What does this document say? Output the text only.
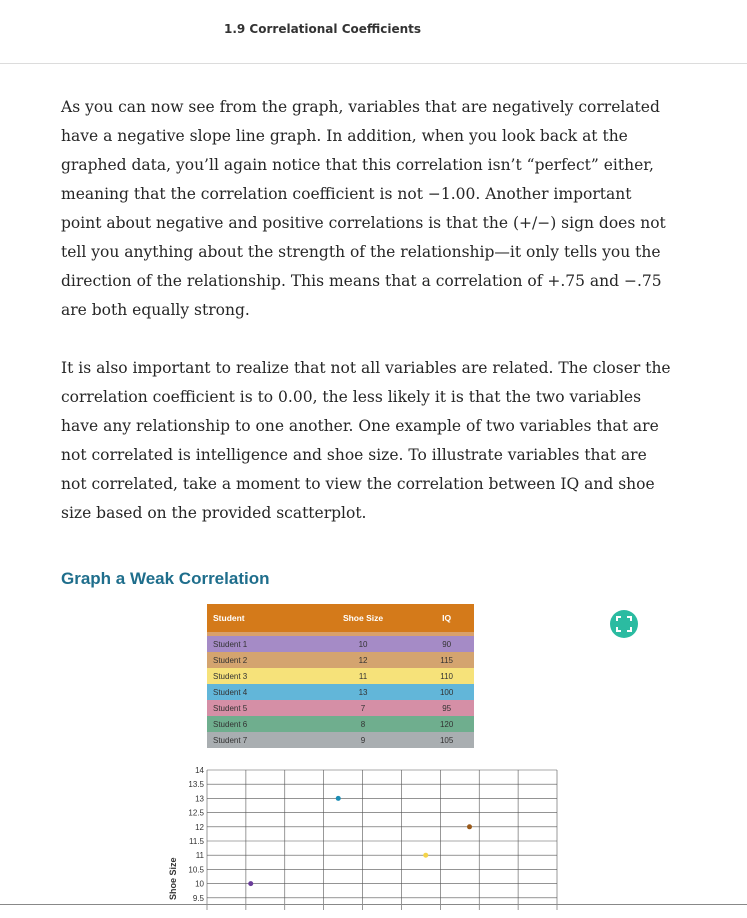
1.9 Correlational Coefficients

As you can now see from the graph, variables that are negatively correlated have a negative slope line graph. In addition, when you look back at the graphed data, you’ll again notice that this correlation isn’t “perfect” either, meaning that the correlation coefficient is not −1.00. Another important point about negative and positive correlations is that the (+/−) sign does not tell you anything about the strength of the relationship—it only tells you the direction of the relationship. This means that a correlation of +.75 and −.75 are both equally strong.

It is also important to realize that not all variables are related. The closer the correlation coefficient is to 0.00, the less likely it is that the two variables have any relationship to one another. One example of two variables that are not correlated is intelligence and shoe size. To illustrate variables that are not correlated, take a moment to view the correlation between IQ and shoe size based on the provided scatterplot.

Graph a Weak Correlation
Student	Shoe Size	IQ

Student 1	10	90
Student 2	12	115
Student 3	11	110
Student 4	13	100
Student 5	7	95
Student 6	8	120
Student 7	9	105
14
13.5
13
12.5
12
11.5
11
10.5
10
9.5
Shoe Size
